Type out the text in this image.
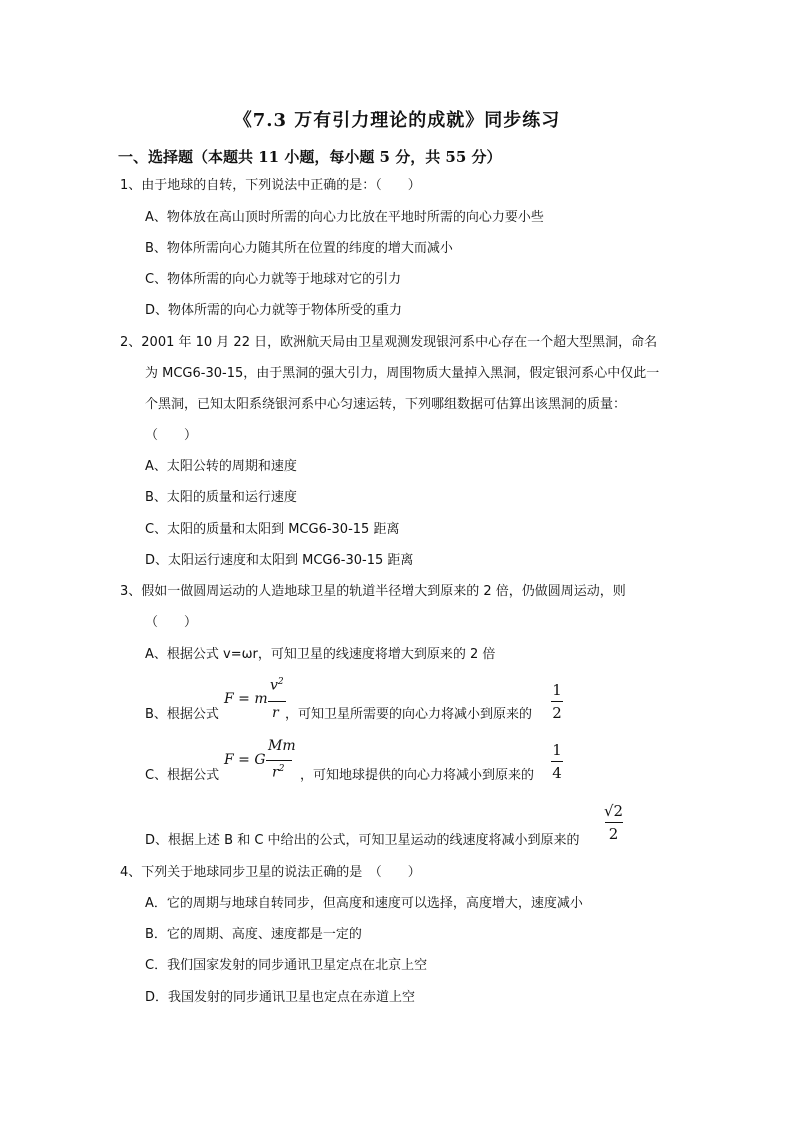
《7.3 万有引力理论的成就》同步练习
一、选择题（本题共 11 小题，每小题 5 分，共 55 分）
1、由于地球的自转，下列说法中正确的是：（　　）
A、物体放在高山顶时所需的向心力比放在平地时所需的向心力要小些
B、物体所需向心力随其所在位置的纬度的增大而减小
C、物体所需的向心力就等于地球对它的引力
D、物体所需的向心力就等于物体所受的重力
2、2001 年 10 月 22 日，欧洲航天局由卫星观测发现银河系中心存在一个超大型黑洞，命名
为 MCG6-30-15，由于黑洞的强大引力，周围物质大量掉入黑洞，假定银河系心中仅此一
个黑洞，已知太阳系绕银河系中心匀速运转，下列哪组数据可估算出该黑洞的质量：
（　　）
A、太阳公转的周期和速度
B、太阳的质量和运行速度
C、太阳的质量和太阳到 MCG6-30-15 距离
D、太阳运行速度和太阳到 MCG6-30-15 距离
3、假如一做圆周运动的人造地球卫星的轨道半径增大到原来的 2 倍，仍做圆周运动，则
（　　）
A、根据公式 v=ωr，可知卫星的线速度将增大到原来的 2 倍
B、根据公式
F = m
$v^2$
r ，可知卫星所需要的向心力将减小到原来的
1
2
C、根据公式
F = G
Mm
$r^2$ ，可知地球提供的向心力将减小到原来的
1
4
D、根据上述 B 和 C 中给出的公式，可知卫星运动的线速度将减小到原来的
√2
2
4、下列关于地球同步卫星的说法正确的是　（　　）
A．它的周期与地球自转同步，但高度和速度可以选择，高度增大，速度减小
B．它的周期、高度、速度都是一定的
C．我们国家发射的同步通讯卫星定点在北京上空
D．我国发射的同步通讯卫星也定点在赤道上空
